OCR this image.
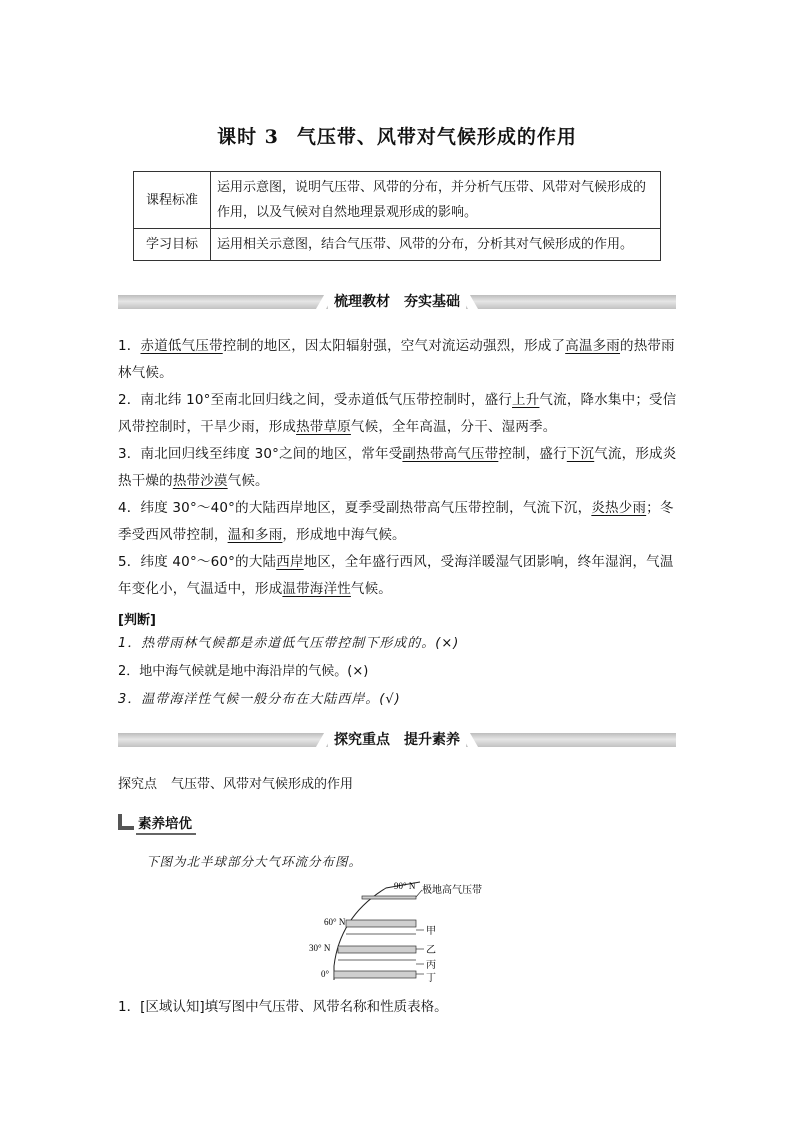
课时 3 气压带、风带对气候形成的作用
课程标准	运用示意图，说明气压带、风带的分布，并分析气压带、风带对气候形成的作用，以及气候对自然地理景观形成的影响。
学习目标	运用相关示意图，结合气压带、风带的分布，分析其对气候形成的作用。
梳理教材　夯实基础
1．赤道低气压带控制的地区，因太阳辐射强，空气对流运动强烈，形成了高温多雨的热带雨林气候。
2．南北纬 10°至南北回归线之间，受赤道低气压带控制时，盛行上升气流，降水集中；受信风带控制时，干旱少雨，形成热带草原气候，全年高温，分干、湿两季。
3．南北回归线至纬度 30°之间的地区，常年受副热带高气压带控制，盛行下沉气流，形成炎热干燥的热带沙漠气候。
4．纬度 30°～40°的大陆西岸地区，夏季受副热带高气压带控制，气流下沉，炎热少雨；冬季受西风带控制，温和多雨，形成地中海气候。
5．纬度 40°～60°的大陆西岸地区，全年盛行西风，受海洋暖湿气团影响，终年湿润，气温年变化小，气温适中，形成温带海洋性气候。
[判断]
1．热带雨林气候都是赤道低气压带控制下形成的。(×)
2．地中海气候就是地中海沿岸的气候。(×)
3．温带海洋性气候一般分布在大陆西岸。(√)
探究重点　提升素养
探究点 气压带、风带对气候形成的作用
素养培优
下图为北半球部分大气环流分布图。
90° N
60° N
30° N
0°
极地高气压带
甲
乙
丙
丁
1．[区域认知]填写图中气压带、风带名称和性质表格。
